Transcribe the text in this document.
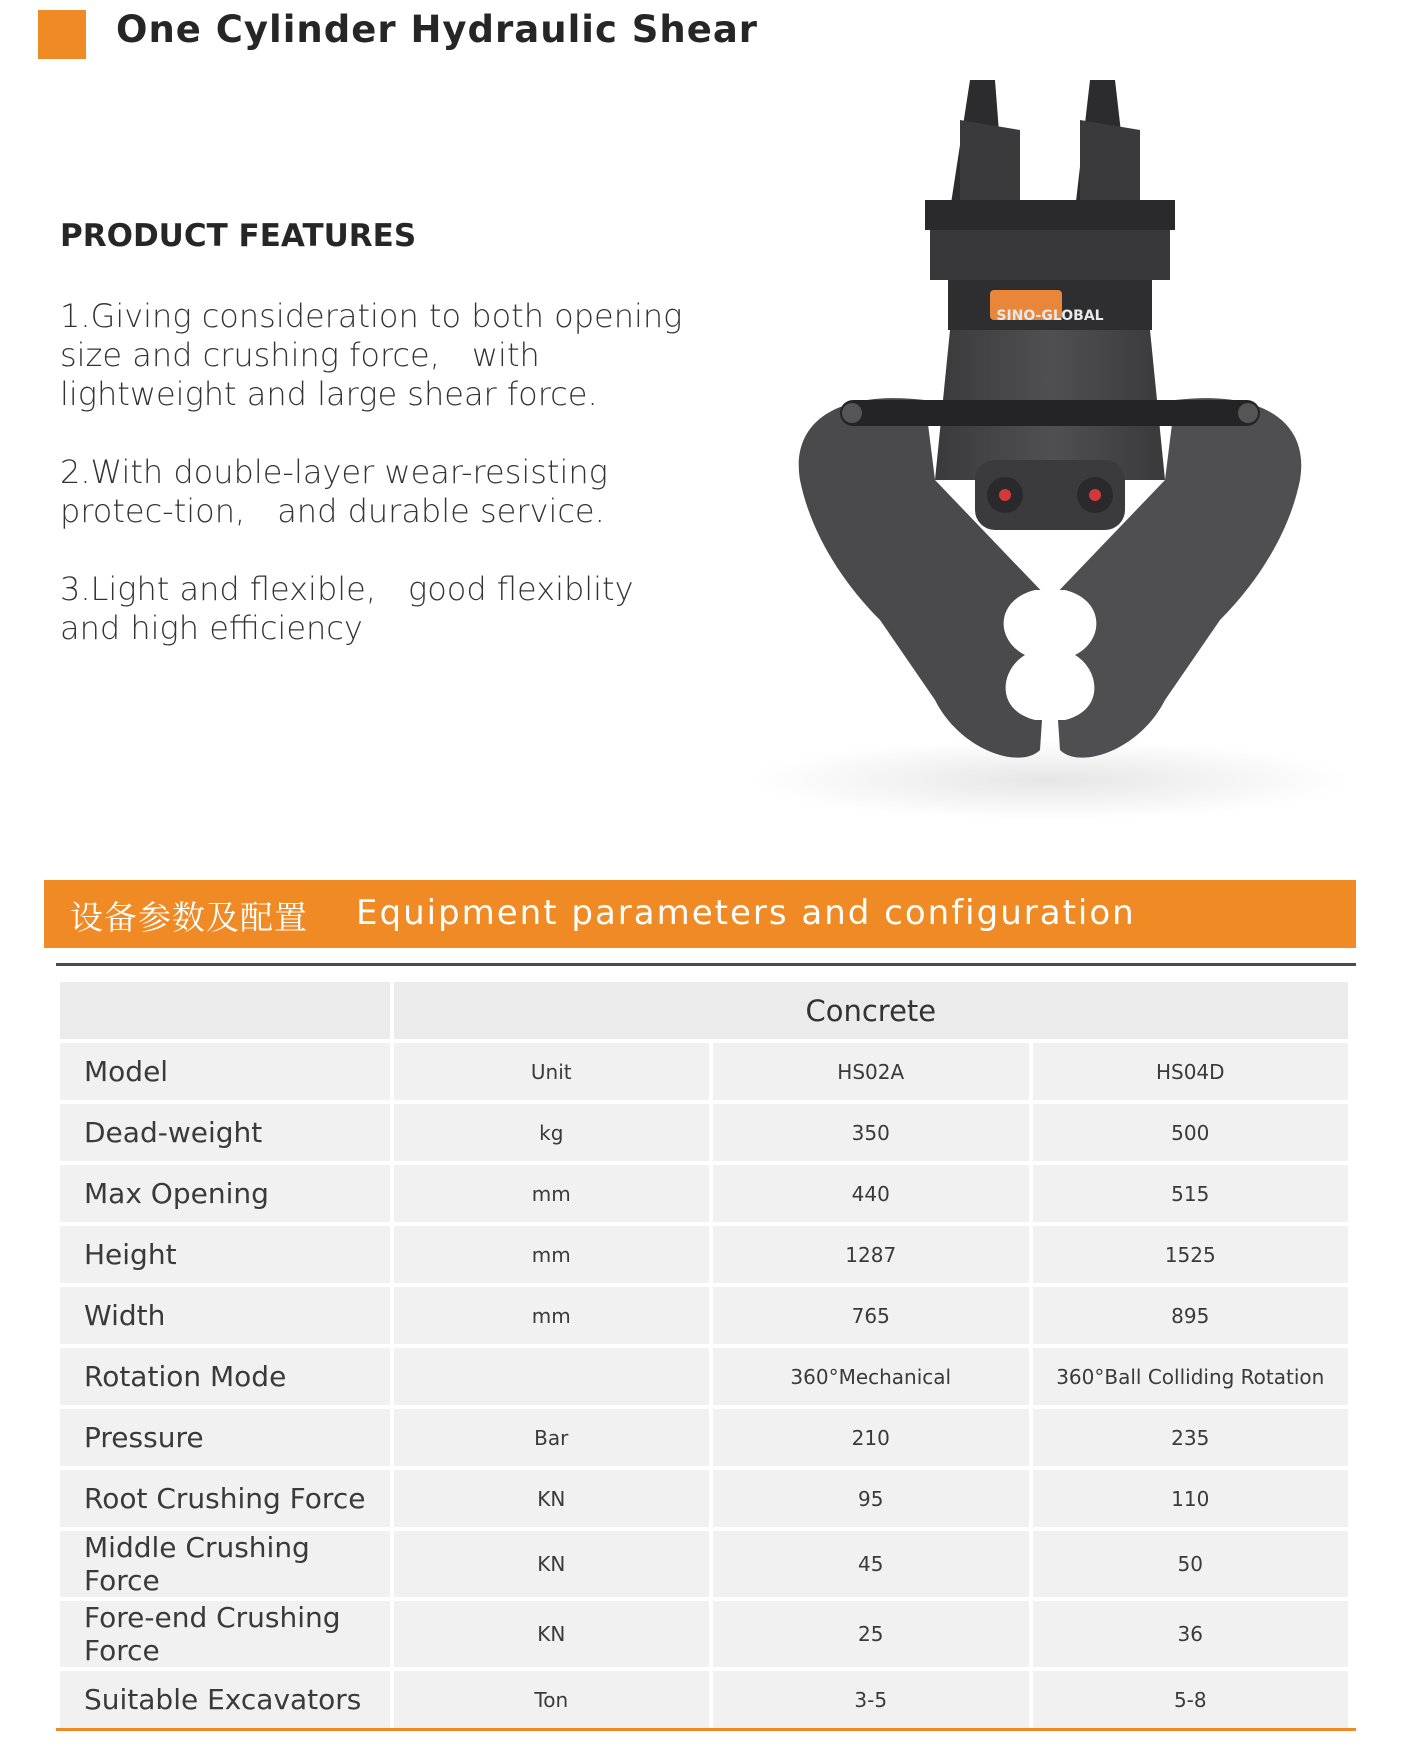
One Cylinder Hydraulic Shear
PRODUCT FEATURES

1.Giving consideration to both opening size and crushing force,　with lightweight and large shear force.

2.With double-layer wear-resisting protec-tion,　and durable service.

3.Light and flexible,　good flexiblity and high efficiency

SINO-GLOBAL
设备参数及配置 Equipment parameters and configuration
	Concrete		
Model	Unit	HS02A	HS04D
Dead-weight	kg	350	500
Max Opening	mm	440	515
Height	mm	1287	1525
Width	mm	765	895
Rotation Mode		360°Mechanical	360°Ball Colliding Rotation
Pressure	Bar	210	235
Root Crushing Force	KN	95	110
Middle Crushing Force	KN	45	50
Fore-end Crushing Force	KN	25	36
Suitable Excavators	Ton	3-5	5-8
